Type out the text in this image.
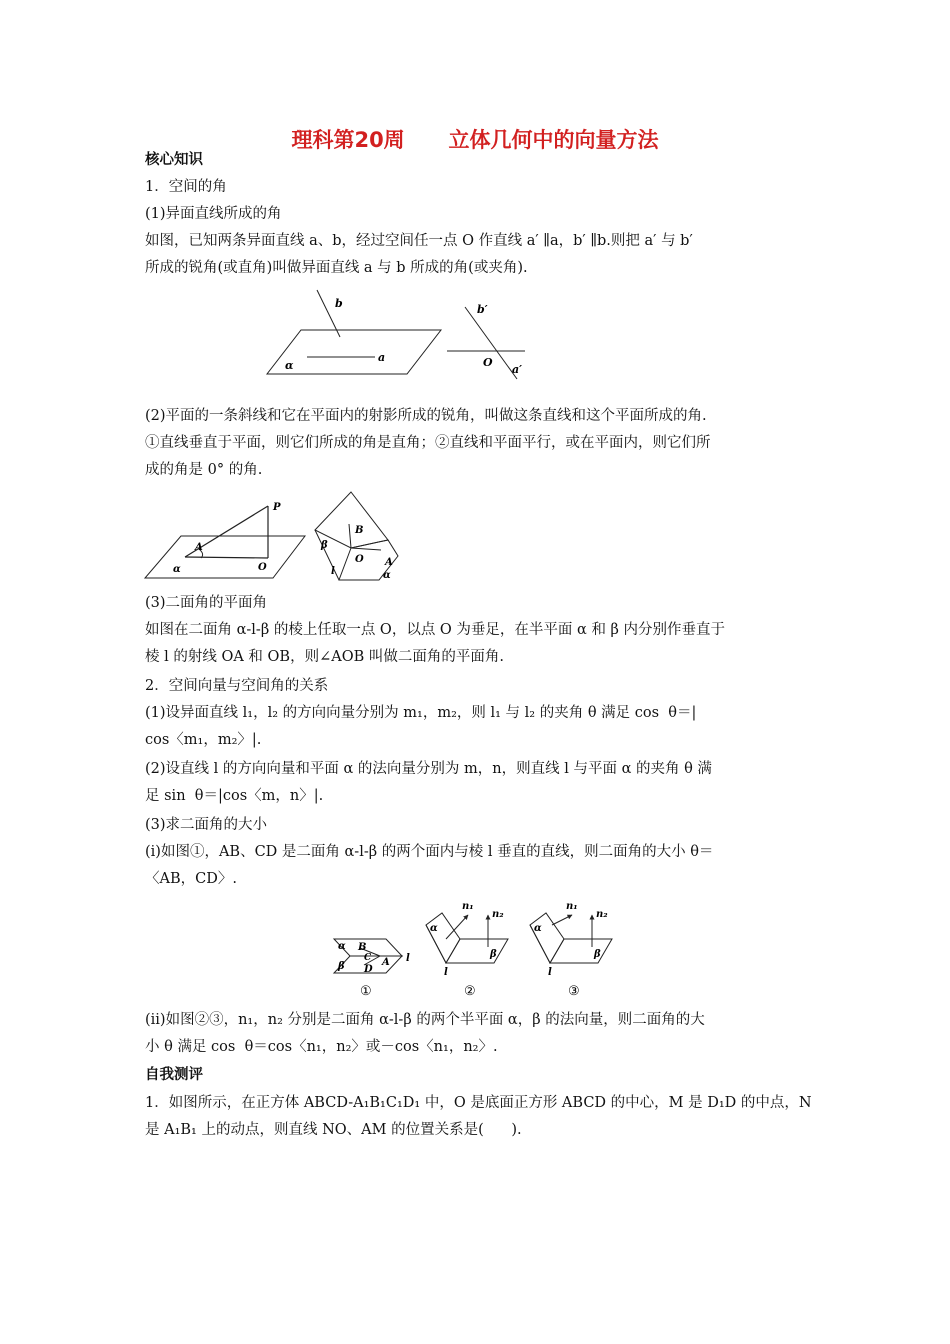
理科第20周      立体几何中的向量方法
核心知识
1．空间的角
(1)异面直线所成的角
如图，已知两条异面直线 a、b，经过空间任一点 O 作直线 a′ ∥a，b′ ∥b.则把 a′ 与 b′
所成的锐角(或直角)叫做异面直线 a 与 b 所成的角(或夹角).
b
α
a
b′
O
a′
(2)平面的一条斜线和它在平面内的射影所成的锐角，叫做这条直线和这个平面所成的角.
①直线垂直于平面，则它们所成的角是直角；②直线和平面平行，或在平面内，则它们所
成的角是 0° 的角.
P
A
O
α
B
β
O A
l	α
(3)二面角的平面角
如图在二面角 α-l-β 的棱上任取一点 O，以点 O 为垂足，在半平面 α 和 β 内分别作垂直于
棱 l 的射线 OA 和 OB，则∠AOB 叫做二面角的平面角.
2．空间向量与空间角的关系
(1)设异面直线 l₁，l₂ 的方向向量分别为 m₁，m₂，则 l₁ 与 l₂ 的夹角 θ 满足 cos  θ＝|
cos〈m₁，m₂〉|.
(2)设直线 l 的方向向量和平面 α 的法向量分别为 m，n，则直线 l 与平面 α 的夹角 θ 满
足 sin  θ＝|cos〈m，n〉|.
(3)求二面角的大小
(ⅰ)如图①，AB、CD 是二面角 α-l-β 的两个面内与棱 l 垂直的直线，则二面角的大小 θ＝
〈AB，CD〉.
α B
C
β D
A l
①
α
n₁
n₂
β
l
②
α
n₁
n₂
β
l
③
(ⅱ)如图②③，n₁，n₂ 分别是二面角 α-l-β 的两个半平面 α，β 的法向量，则二面角的大
小 θ 满足 cos  θ＝cos〈n₁，n₂〉或－cos〈n₁，n₂〉.
自我测评
1．如图所示，在正方体 ABCD-A₁B₁C₁D₁ 中，O 是底面正方形 ABCD 的中心，M 是 D₁D 的中点，N
是 A₁B₁ 上的动点，则直线 NO、AM 的位置关系是(      ).
